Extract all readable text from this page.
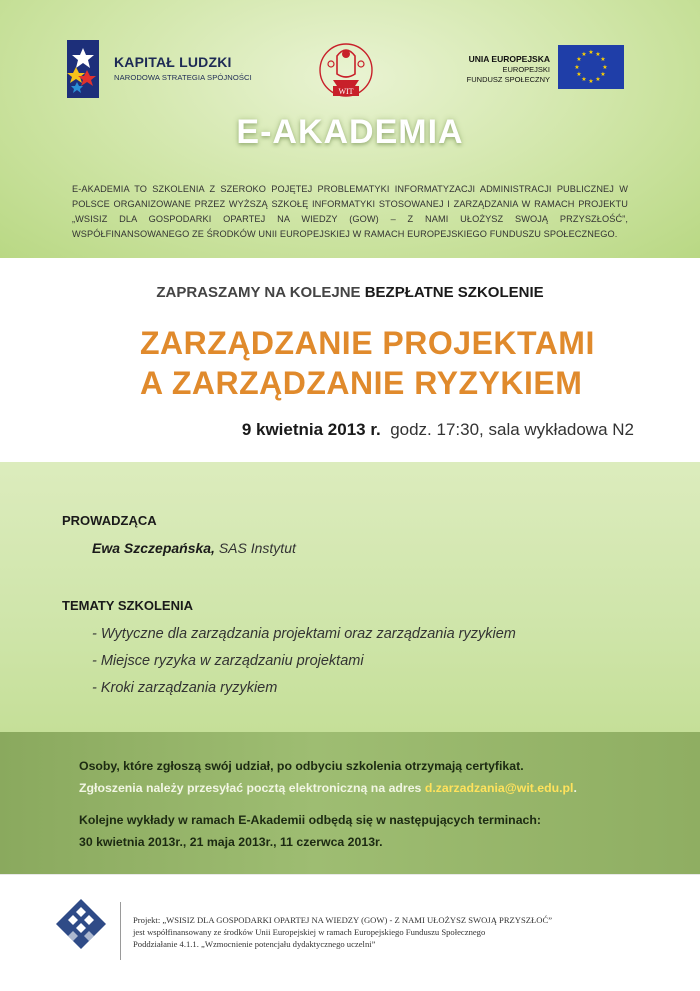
KAPITAŁ LUDZKI
NARODOWA STRATEGIA SPÓJNOŚCI
WIT
UNIA EUROPEJSKA
EUROPEJSKI
FUNDUSZ SPOŁECZNY
★ ★
★
★
★
★
★
★
★
★
★
★
E-AKADEMIA
E-AKADEMIA TO SZKOLENIA Z SZEROKO POJĘTEJ PROBLEMATYKI INFORMATYZACJI ADMINISTRACJI PUBLICZNEJ W POLSCE ORGANIZOWANE PRZEZ WYŻSZĄ SZKOŁĘ INFORMATYKI STOSOWANEJ I ZARZĄDZANIA W RAMACH PROJEKTU „WSISIZ DLA GOSPODARKI OPARTEJ NA WIEDZY (GOW) – Z NAMI UŁOŻYSZ SWOJĄ PRZYSZŁOŚĆ”, WSPÓŁFINANSOWANEGO ZE ŚRODKÓW UNII EUROPEJSKIEJ W RAMACH EUROPEJSKIEGO FUNDUSZU SPOŁECZNEGO.
ZAPRASZAMY NA KOLEJNE BEZPŁATNE SZKOLENIE
ZARZĄDZANIE PROJEKTAMI
A ZARZĄDZANIE RYZYKIEM
9 kwietnia 2013 r. godz. 17:30, sala wykładowa N2
PROWADZĄCA
Ewa Szczepańska, SAS Instytut
TEMATY SZKOLENIA
- Wytyczne dla zarządzania projektami oraz zarządzania ryzykiem
- Miejsce ryzyka w zarządzaniu projektami
- Kroki zarządzania ryzykiem
Osoby, które zgłoszą swój udział, po odbyciu szkolenia otrzymają certyfikat.
Zgłoszenia należy przesyłać pocztą elektroniczną na adres d.zarzadzania@wit.edu.pl.
Kolejne wykłady w ramach E-Akademii odbędą się w następujących terminach:
30 kwietnia 2013r., 21 maja 2013r., 11 czerwca 2013r.
Projekt: „WSISIZ DLA GOSPODARKI OPARTEJ NA WIEDZY (GOW) - Z NAMI UŁOŻYSZ SWOJĄ PRZYSZŁOĆ”
jest współfinansowany ze środków Unii Europejskiej w ramach Europejskiego Funduszu Społecznego
Poddziałanie 4.1.1. „Wzmocnienie potencjału dydaktycznego uczelni”
